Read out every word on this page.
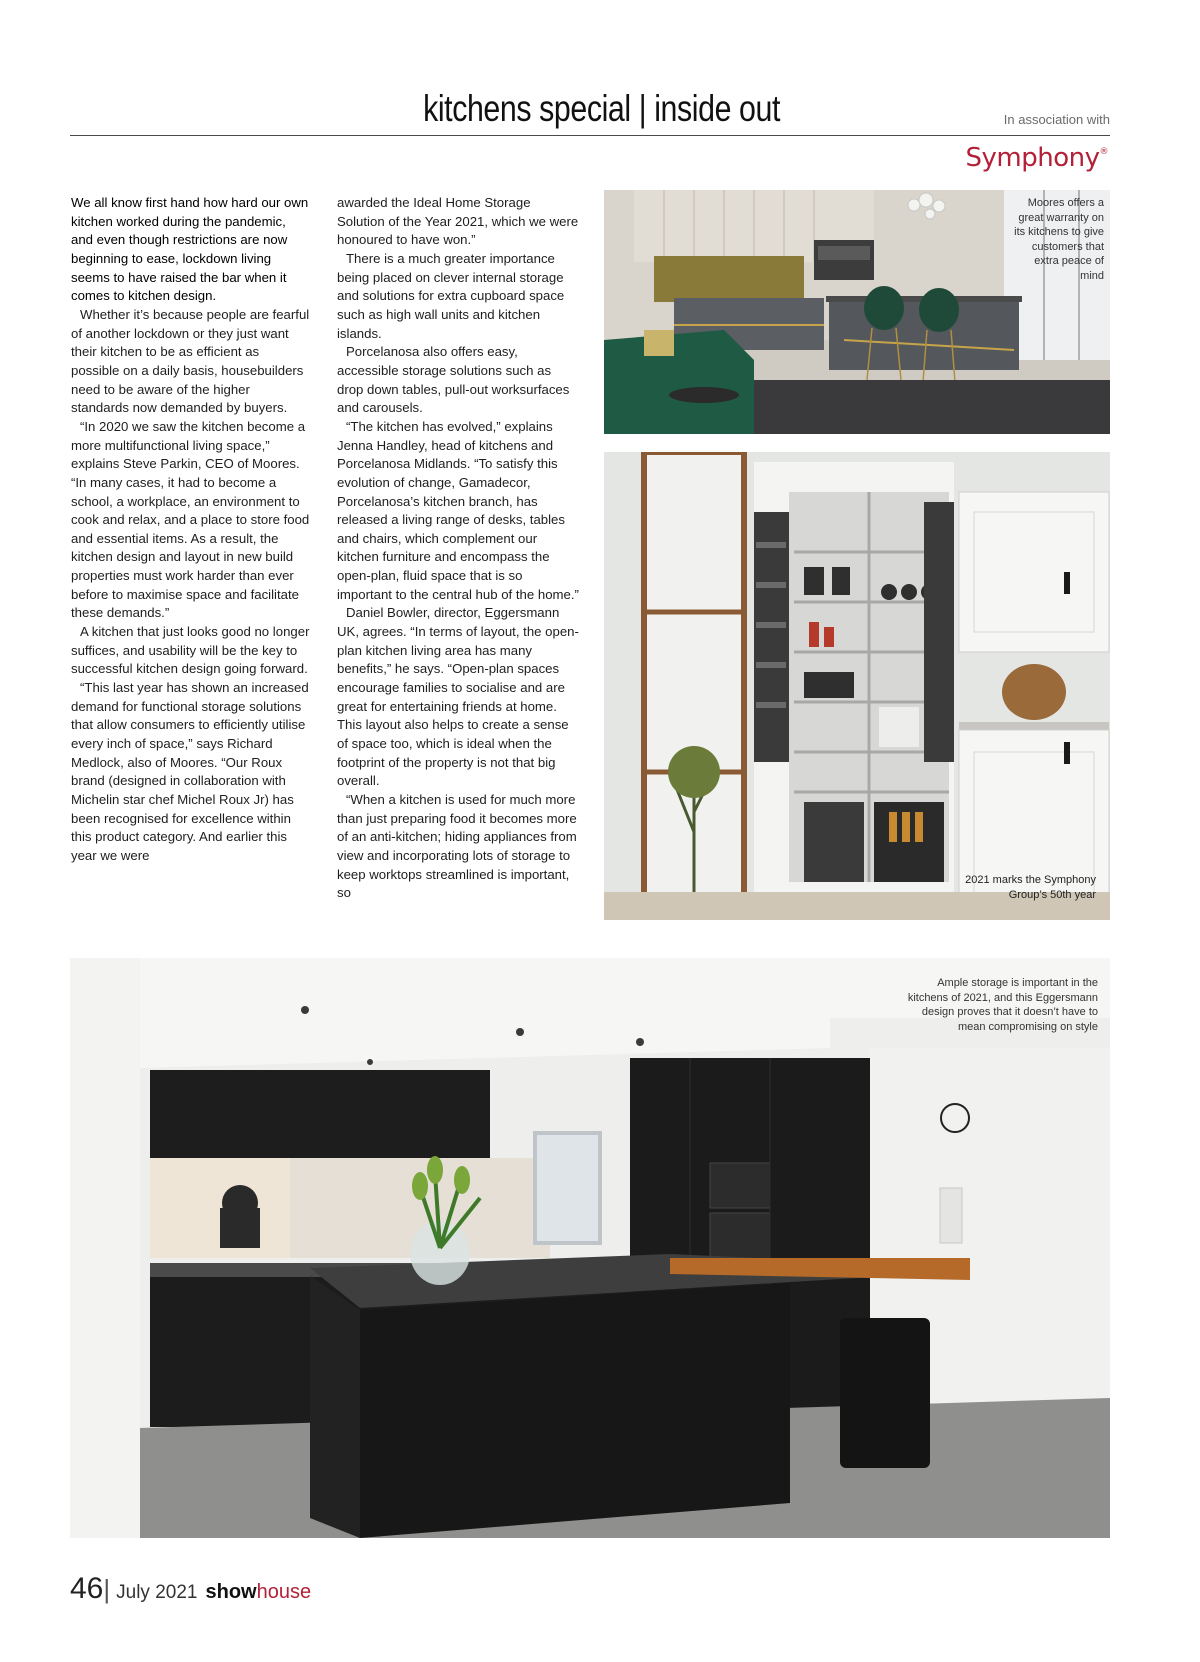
kitchens special | inside out	In association with
Symphony®

We all know first hand how hard our own kitchen worked during the pandemic, and even though restrictions are now beginning to ease, lockdown living seems to have raised the bar when it comes to kitchen design.

Whether it’s because people are fearful of another lockdown or they just want their kitchen to be as efficient as possible on a daily basis, housebuilders need to be aware of the higher standards now demanded by buyers.

“In 2020 we saw the kitchen become a more multifunctional living space,” explains Steve Parkin, CEO of Moores. “In many cases, it had to become a school, a workplace, an environment to cook and relax, and a place to store food and essential items. As a result, the kitchen design and layout in new build properties must work harder than ever before to maximise space and facilitate these demands.”

A kitchen that just looks good no longer suffices, and usability will be the key to successful kitchen design going forward.

“This last year has shown an increased demand for functional storage solutions that allow consumers to efficiently utilise every inch of space,” says Richard Medlock, also of Moores. “Our Roux brand (designed in collaboration with Michelin star chef Michel Roux Jr) has been recognised for excellence within this product category. And earlier this year we were

awarded the Ideal Home Storage Solution of the Year 2021, which we were honoured to have won.”

There is a much greater importance being placed on clever internal storage and solutions for extra cupboard space such as high wall units and kitchen islands.

Porcelanosa also offers easy, accessible storage solutions such as drop down tables, pull-out worksurfaces and carousels.

“The kitchen has evolved,” explains Jenna Handley, head of kitchens and Porcelanosa Midlands. “To satisfy this evolution of change, Gamadecor, Porcelanosa’s kitchen branch, has released a living range of desks, tables and chairs, which complement our kitchen furniture and encompass the open-plan, fluid space that is so important to the central hub of the home.”

Daniel Bowler, director, Eggersmann UK, agrees. “In terms of layout, the open-plan kitchen living area has many benefits,” he says. “Open-plan spaces encourage families to socialise and are great for entertaining friends at home. This layout also helps to create a sense of space too, which is ideal when the footprint of the property is not that big overall.

“When a kitchen is used for much more than just preparing food it becomes more of an anti-kitchen; hiding appliances from view and incorporating lots of storage to keep worktops streamlined is important, so

Moores offers a great warranty on its kitchens to give customers that extra peace of mind
2021 marks the Symphony Group’s 50th year
Ample storage is important in the kitchens of 2021, and this Eggersmann design proves that it doesn’t have to mean compromising on style
46| July 2021 showhouse
